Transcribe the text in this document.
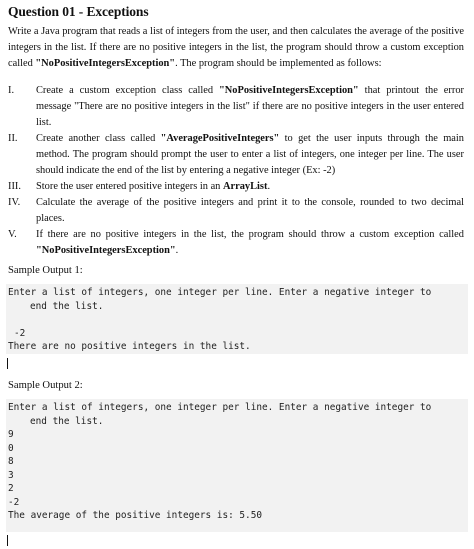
Question 01 - Exceptions
Write a Java program that reads a list of integers from the user, and then calculates the average of the positive integers in the list. If there are no positive integers in the list, the program should throw a custom exception called "NoPositiveIntegersException". The program should be implemented as follows:
I.	Create a custom exception class called "NoPositiveIntegersException" that printout the error message "There are no positive integers in the list" if there are no positive integers in the user entered list.
II.	Create another class called "AveragePositiveIntegers" to get the user inputs through the main method. The program should prompt the user to enter a list of integers, one integer per line. The user should indicate the end of the list by entering a negative integer (Ex: -2)
III.	Store the user entered positive integers in an ArrayList.
IV.	Calculate the average of the positive integers and print it to the console, rounded to two decimal places.
V.	If there are no positive integers in the list, the program should throw a custom exception called "NoPositiveIntegersException".
Sample Output 1:
Enter a list of integers, one integer per line. Enter a negative integer to
end the list.
-2
There are no positive integers in the list.
Sample Output 2:
Enter a list of integers, one integer per line. Enter a negative integer to
end the list.
9
0
8
3
2
-2
The average of the positive integers is: 5.50
